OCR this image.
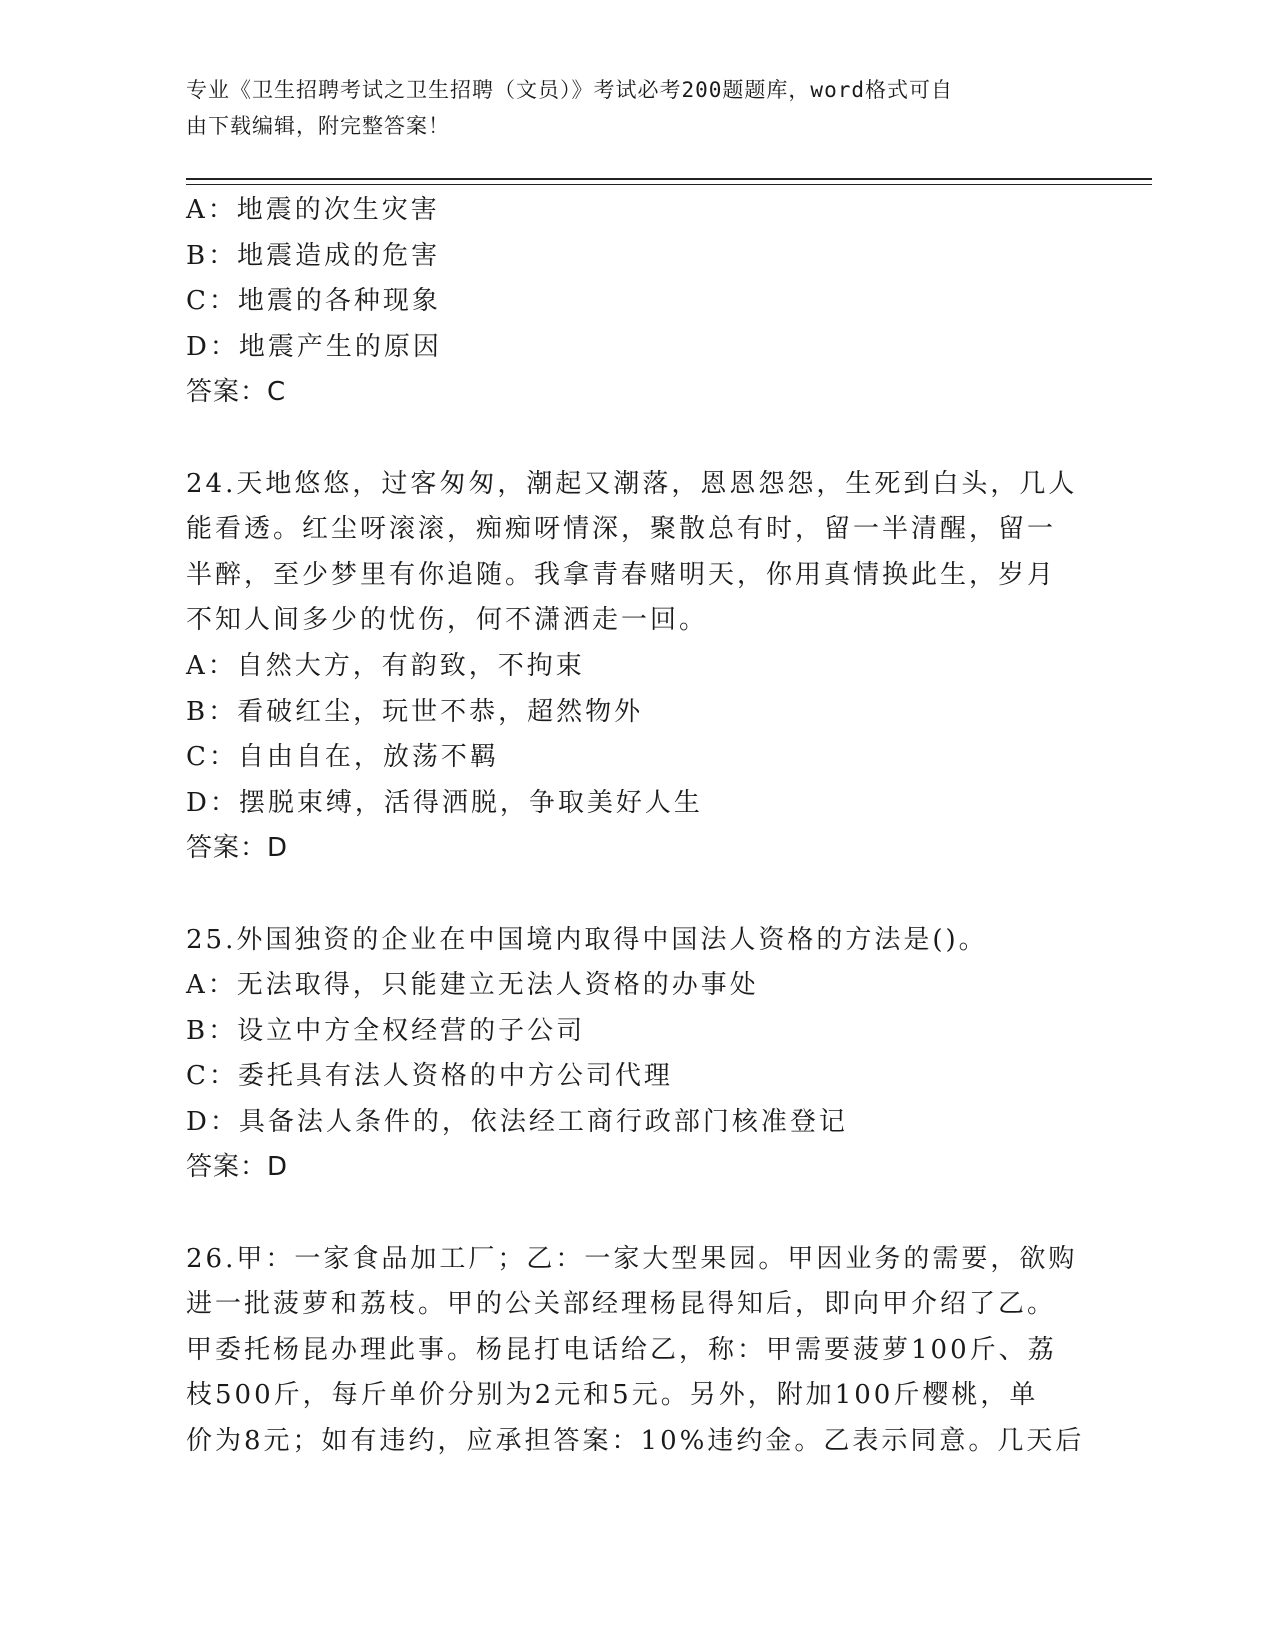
专业《卫生招聘考试之卫生招聘（文员）》考试必考200题题库，word格式可自
由下载编辑，附完整答案！
A：地震的次生灾害
B：地震造成的危害
C：地震的各种现象
D：地震产生的原因
答案：C
24.天地悠悠，过客匆匆，潮起又潮落，恩恩怨怨，生死到白头，几人
能看透。红尘呀滚滚，痴痴呀情深，聚散总有时，留一半清醒，留一
半醉，至少梦里有你追随。我拿青春赌明天，你用真情换此生，岁月
不知人间多少的忧伤，何不潇洒走一回。
A：自然大方，有韵致，不拘束
B：看破红尘，玩世不恭，超然物外
C：自由自在，放荡不羁
D：摆脱束缚，活得洒脱，争取美好人生
答案：D
25.外国独资的企业在中国境内取得中国法人资格的方法是()。
A：无法取得，只能建立无法人资格的办事处
B：设立中方全权经营的子公司
C：委托具有法人资格的中方公司代理
D：具备法人条件的，依法经工商行政部门核准登记
答案：D
26.甲：一家食品加工厂；乙：一家大型果园。甲因业务的需要，欲购
进一批菠萝和荔枝。甲的公关部经理杨昆得知后，即向甲介绍了乙。
甲委托杨昆办理此事。杨昆打电话给乙，称：甲需要菠萝100斤、荔
枝500斤，每斤单价分别为2元和5元。另外，附加100斤樱桃，单
价为8元；如有违约，应承担答案：10%违约金。乙表示同意。几天后
